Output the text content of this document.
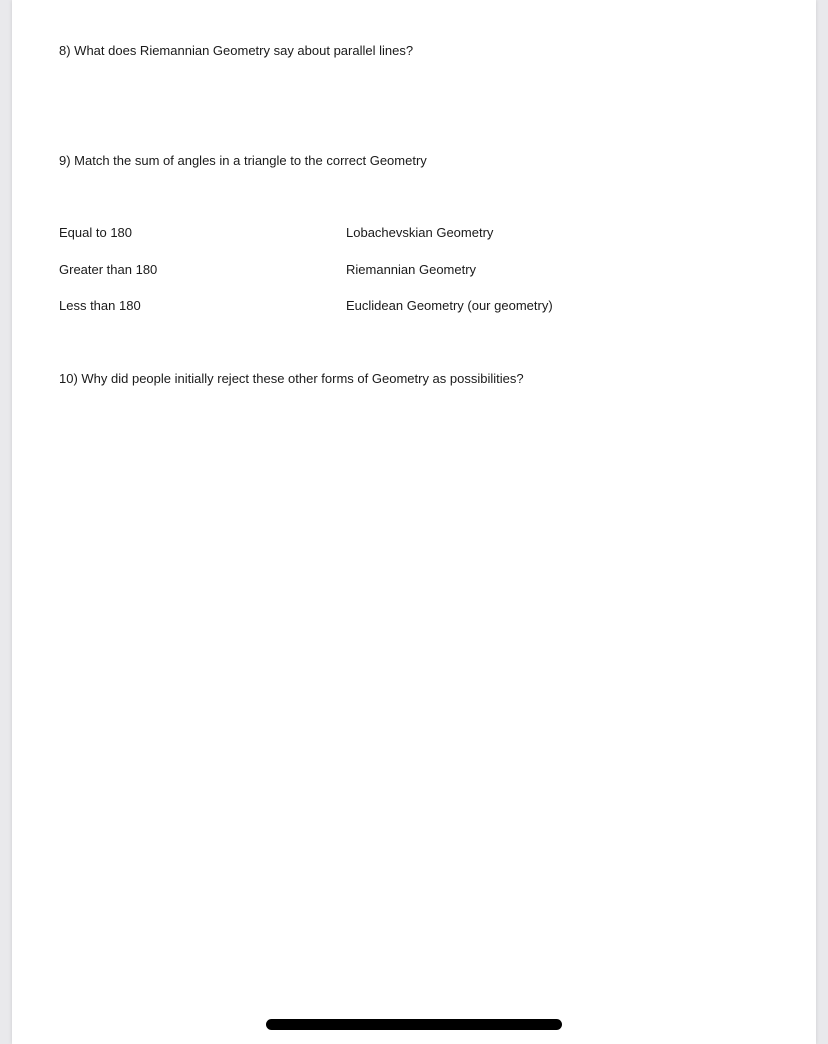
8) What does Riemannian Geometry say about parallel lines?
9) Match the sum of angles in a triangle to the correct Geometry
Equal to 180
Greater than 180
Less than 180
Lobachevskian Geometry
Riemannian Geometry
Euclidean Geometry (our geometry)
10) Why did people initially reject these other forms of Geometry as possibilities?
